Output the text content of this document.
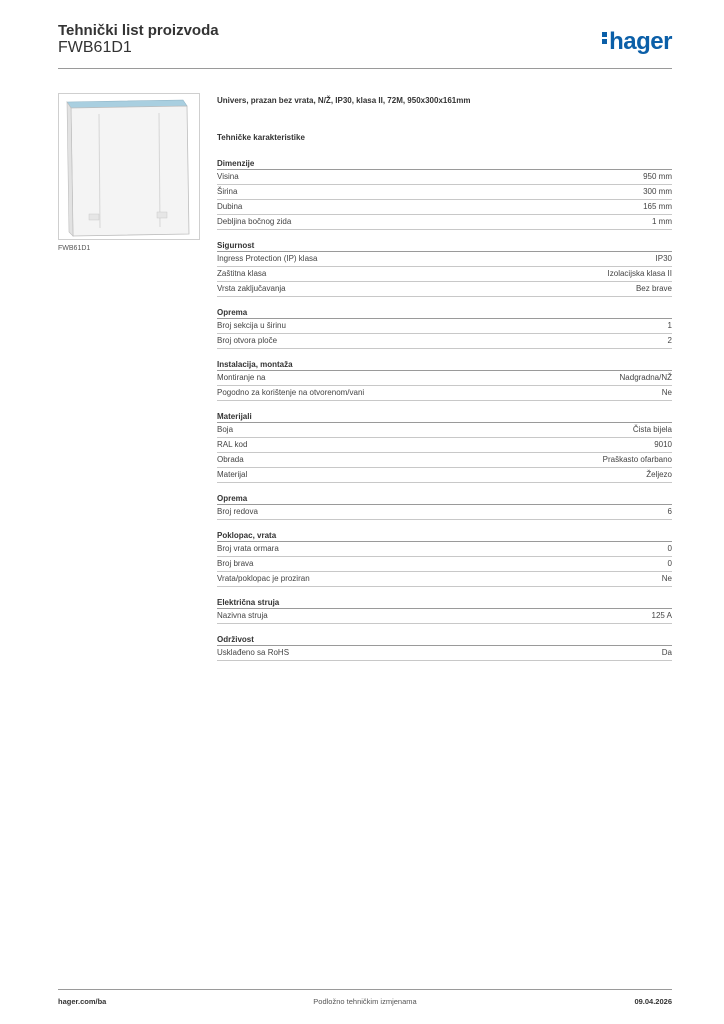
Tehnički list proizvoda
FWB61D1	hager
FWB61D1
Univers, prazan bez vrata, N/Ž, IP30, klasa II, 72M, 950x300x161mm
Tehničke karakteristike
Dimenzije
Visina	950 mm
Širina	300 mm
Dubina	165 mm
Debljina bočnog zida	1 mm
Sigurnost
Ingress Protection (IP) klasa	IP30
Zaštitna klasa	Izolacijska klasa II
Vrsta zaključavanja	Bez brave
Oprema
Broj sekcija u širinu	1
Broj otvora ploče	2
Instalacija, montaža
Montiranje na	Nadgradna/NŽ
Pogodno za korištenje na otvorenom/vani	Ne
Materijali
Boja	Čista bijela
RAL kod	9010
Obrada	Praškasto ofarbano
Materijal	Željezo
Oprema
Broj redova	6
Poklopac, vrata
Broj vrata ormara	0
Broj brava	0
Vrata/poklopac je proziran	Ne
Električna struja
Nazivna struja	125 A
Održivost
Usklađeno sa RoHS	Da
Podložno tehničkim izmjenama
hager.com/ba	09.04.2026
